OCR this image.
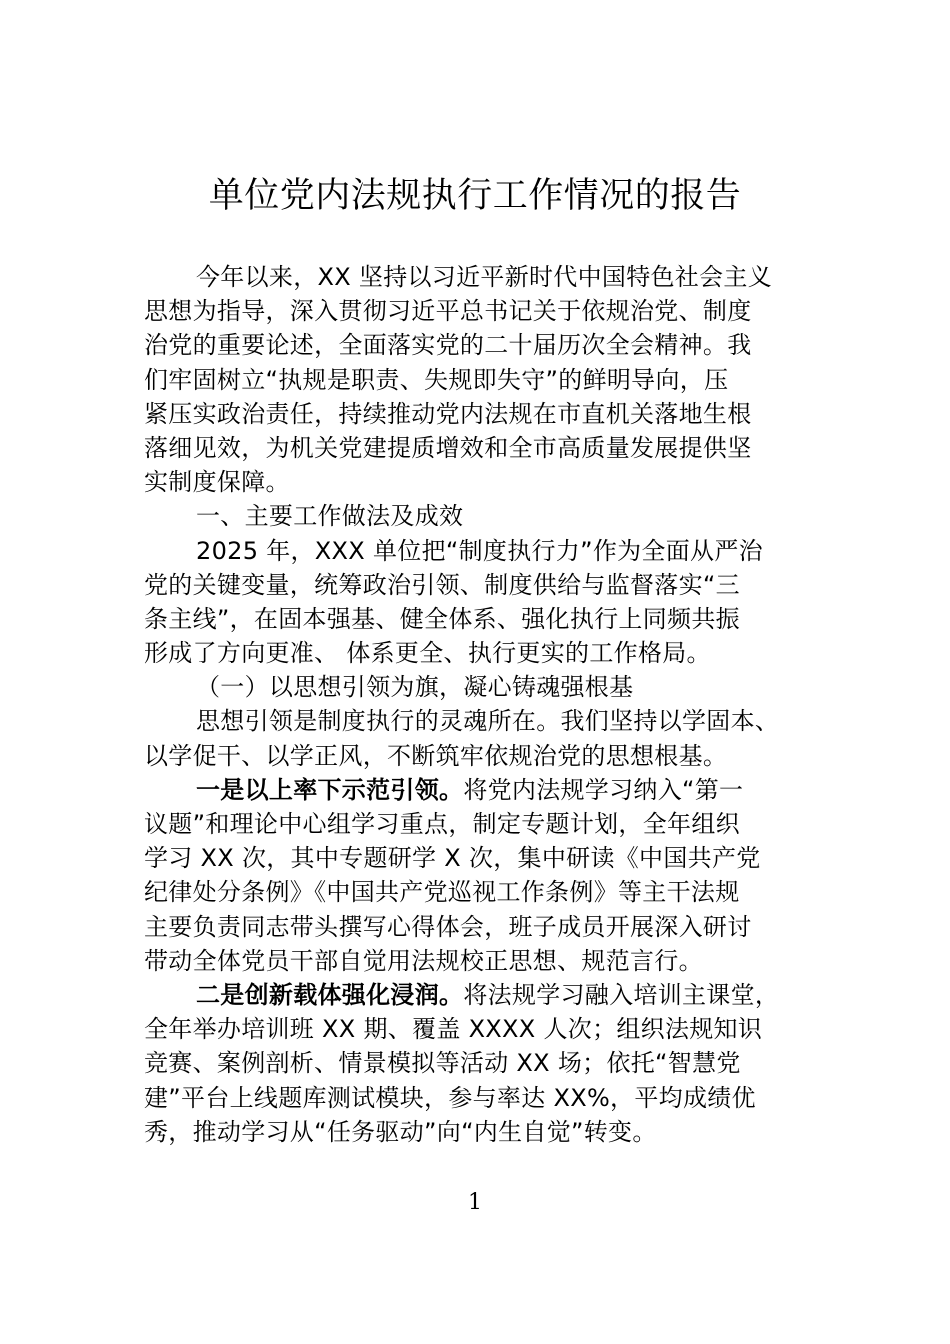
单位党内法规执行工作情况的报告
今年以来，XX 坚持以习近平新时代中国特色社会主义
思想为指导，深入贯彻习近平总书记关于依规治党、制度
治党的重要论述，全面落实党的二十届历次全会精神。我
们牢固树立“执规是职责、失规即失守”的鲜明导向，压
紧压实政治责任，持续推动党内法规在市直机关落地生根
落细见效，为机关党建提质增效和全市高质量发展提供坚
实制度保障。
一、主要工作做法及成效
2025 年，XXX 单位把“制度执行力”作为全面从严治
党的关键变量，统筹政治引领、制度供给与监督落实“三
条主线”，在固本强基、健全体系、强化执行上同频共振
形成了方向更准、 体系更全、执行更实的工作格局。
（一）以思想引领为旗，凝心铸魂强根基
思想引领是制度执行的灵魂所在。我们坚持以学固本、
以学促干、以学正风，不断筑牢依规治党的思想根基。
一是以上率下示范引领。将党内法规学习纳入“第一
议题”和理论中心组学习重点，制定专题计划，全年组织
学习 XX 次，其中专题研学 X 次，集中研读《中国共产党
纪律处分条例》《中国共产党巡视工作条例》等主干法规
主要负责同志带头撰写心得体会，班子成员开展深入研讨
带动全体党员干部自觉用法规校正思想、规范言行。
二是创新载体强化浸润。将法规学习融入培训主课堂，
全年举办培训班 XX 期、覆盖 XXXX 人次；组织法规知识
竞赛、案例剖析、情景模拟等活动 XX 场；依托“智慧党
建”平台上线题库测试模块，参与率达 XX%，平均成绩优
秀，推动学习从“任务驱动”向“内生自觉”转变。
1
